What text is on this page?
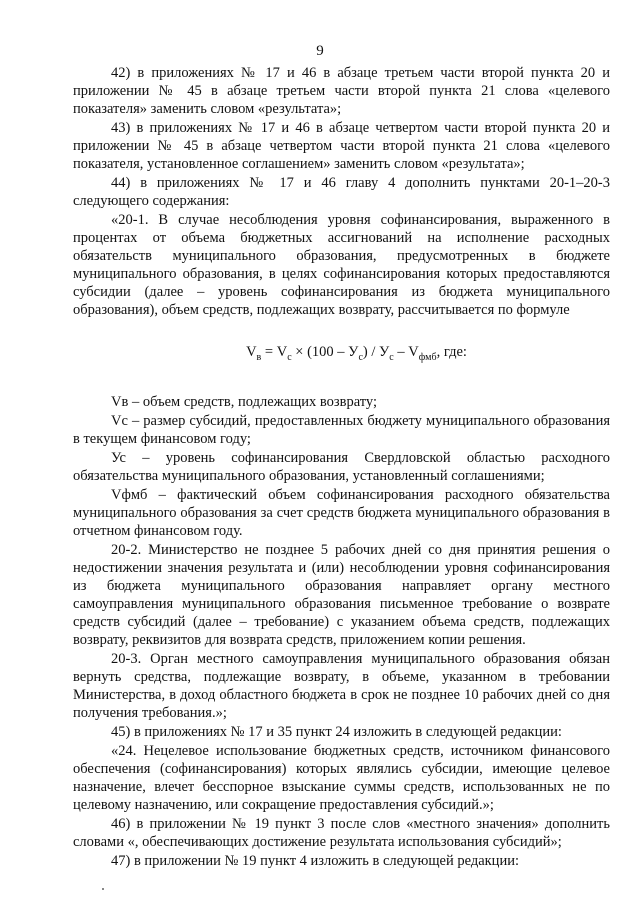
9

42) в приложениях № 17 и 46 в абзаце третьем части второй пункта 20 и приложении № 45 в абзаце третьем части второй пункта 21 слова «целевого показателя» заменить словом «результата»;

43) в приложениях № 17 и 46 в абзаце четвертом части второй пункта 20 и приложении № 45 в абзаце четвертом части второй пункта 21 слова «целевого показателя, установленное соглашением» заменить словом «результата»;

44) в приложениях № 17 и 46 главу 4 дополнить пунктами 20-1–20-3 следующего содержания:

«20-1. В случае несоблюдения уровня софинансирования, выраженного в процентах от объема бюджетных ассигнований на исполнение расходных обязательств муниципального образования, предусмотренных в бюджете муниципального образования, в целях софинансирования которых предоставляются субсидии (далее – уровень софинансирования из бюджета муниципального образования), объем средств, подлежащих возврату, рассчитывается по формуле

$V_в = V_с \times (100 - У_с) / У_с - V_{фмб}$, где:

Vв – объем средств, подлежащих возврату;

Vс – размер субсидий, предоставленных бюджету муниципального образования в текущем финансовом году;

Ус – уровень софинансирования Свердловской областью расходного обязательства муниципального образования, установленный соглашениями;

Vфмб – фактический объем софинансирования расходного обязательства муниципального образования за счет средств бюджета муниципального образования в отчетном финансовом году.

20-2. Министерство не позднее 5 рабочих дней со дня принятия решения о недостижении значения результата и (или) несоблюдении уровня софинансирования из бюджета муниципального образования направляет органу местного самоуправления муниципального образования письменное требование о возврате средств субсидий (далее – требование) с указанием объема средств, подлежащих возврату, реквизитов для возврата средств, приложением копии решения.

20-3. Орган местного самоуправления муниципального образования обязан вернуть средства, подлежащие возврату, в объеме, указанном в требовании Министерства, в доход областного бюджета в срок не позднее 10 рабочих дней со дня получения требования.»;

45) в приложениях № 17 и 35 пункт 24 изложить в следующей редакции:

«24. Нецелевое использование бюджетных средств, источником финансового обеспечения (софинансирования) которых являлись субсидии, имеющие целевое назначение, влечет бесспорное взыскание суммы средств, использованных не по целевому назначению, или сокращение предоставления субсидий.»;

46) в приложении № 19 пункт 3 после слов «местного значения» дополнить словами «, обеспечивающих достижение результата использования субсидий»;

47) в приложении № 19 пункт 4 изложить в следующей редакции:
